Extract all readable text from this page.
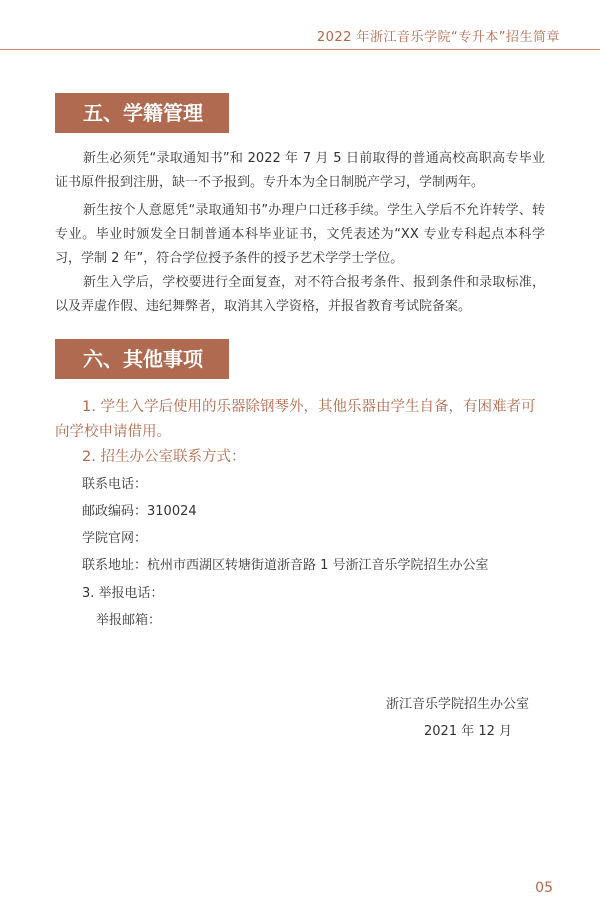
2022 年浙江音乐学院“专升本”招生简章
五、学籍管理
新生必须凭“录取通知书”和 2022 年 7 月 5 日前取得的普通高校高职高专毕业证书原件报到注册，缺一不予报到。专升本为全日制脱产学习，学制两年。
新生按个人意愿凭“录取通知书”办理户口迁移手续。学生入学后不允许转学、转专业。毕业时颁发全日制普通本科毕业证书，文凭表述为“XX 专业专科起点本科学习，学制 2 年”，符合学位授予条件的授予艺术学学士学位。
新生入学后，学校要进行全面复查，对不符合报考条件、报到条件和录取标准，以及弄虚作假、违纪舞弊者，取消其入学资格，并报省教育考试院备案。
六、其他事项
1. 学生入学后使用的乐器除钢琴外，其他乐器由学生自备，有困难者可向学校申请借用。
2. 招生办公室联系方式：
联系电话：
邮政编码：310024
学院官网：
联系地址：杭州市西湖区转塘街道浙音路 1 号浙江音乐学院招生办公室
3. 举报电话：
举报邮箱：
浙江音乐学院招生办公室
2021 年 12 月
05
